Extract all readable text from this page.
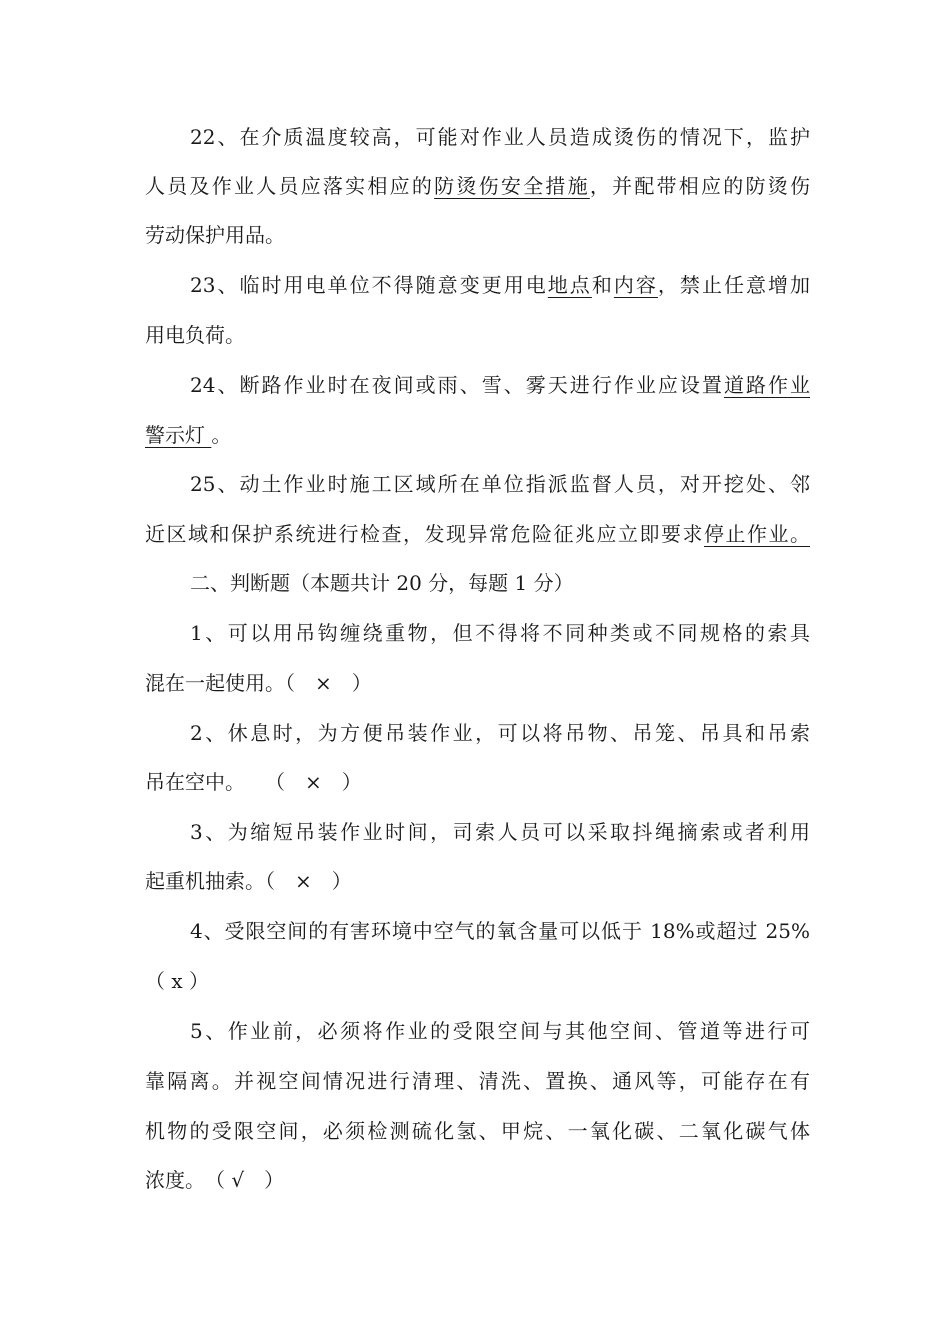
22、在介质温度较高，可能对作业人员造成烫伤的情况下，监护
人员及作业人员应落实相应的防烫伤安全措施，并配带相应的防烫伤
劳动保护用品。
23、临时用电单位不得随意变更用电地点和内容，禁止任意增加
用电负荷。
24、断路作业时在夜间或雨、雪、雾天进行作业应设置道路作业
警示灯 。
25、动土作业时施工区域所在单位指派监督人员，对开挖处、邻
近区域和保护系统进行检查，发现异常危险征兆应立即要求停止作业。
二、判断题（本题共计 20 分，每题 1 分）
1、可以用吊钩缠绕重物，但不得将不同种类或不同规格的索具
混在一起使用。（　×　）
2、休息时，为方便吊装作业，可以将吊物、吊笼、吊具和吊索
吊在空中。　　（　×　）
3、为缩短吊装作业时间，司索人员可以采取抖绳摘索或者利用
起重机抽索。（　×　）
4、受限空间的有害环境中空气的氧含量可以低于 18%或超过 25%
（ x ）
5、作业前，必须将作业的受限空间与其他空间、管道等进行可
靠隔离。并视空间情况进行清理、清洗、置换、通风等，可能存在有
机物的受限空间，必须检测硫化氢、甲烷、一氧化碳、二氧化碳气体
浓度。　（ √　）
